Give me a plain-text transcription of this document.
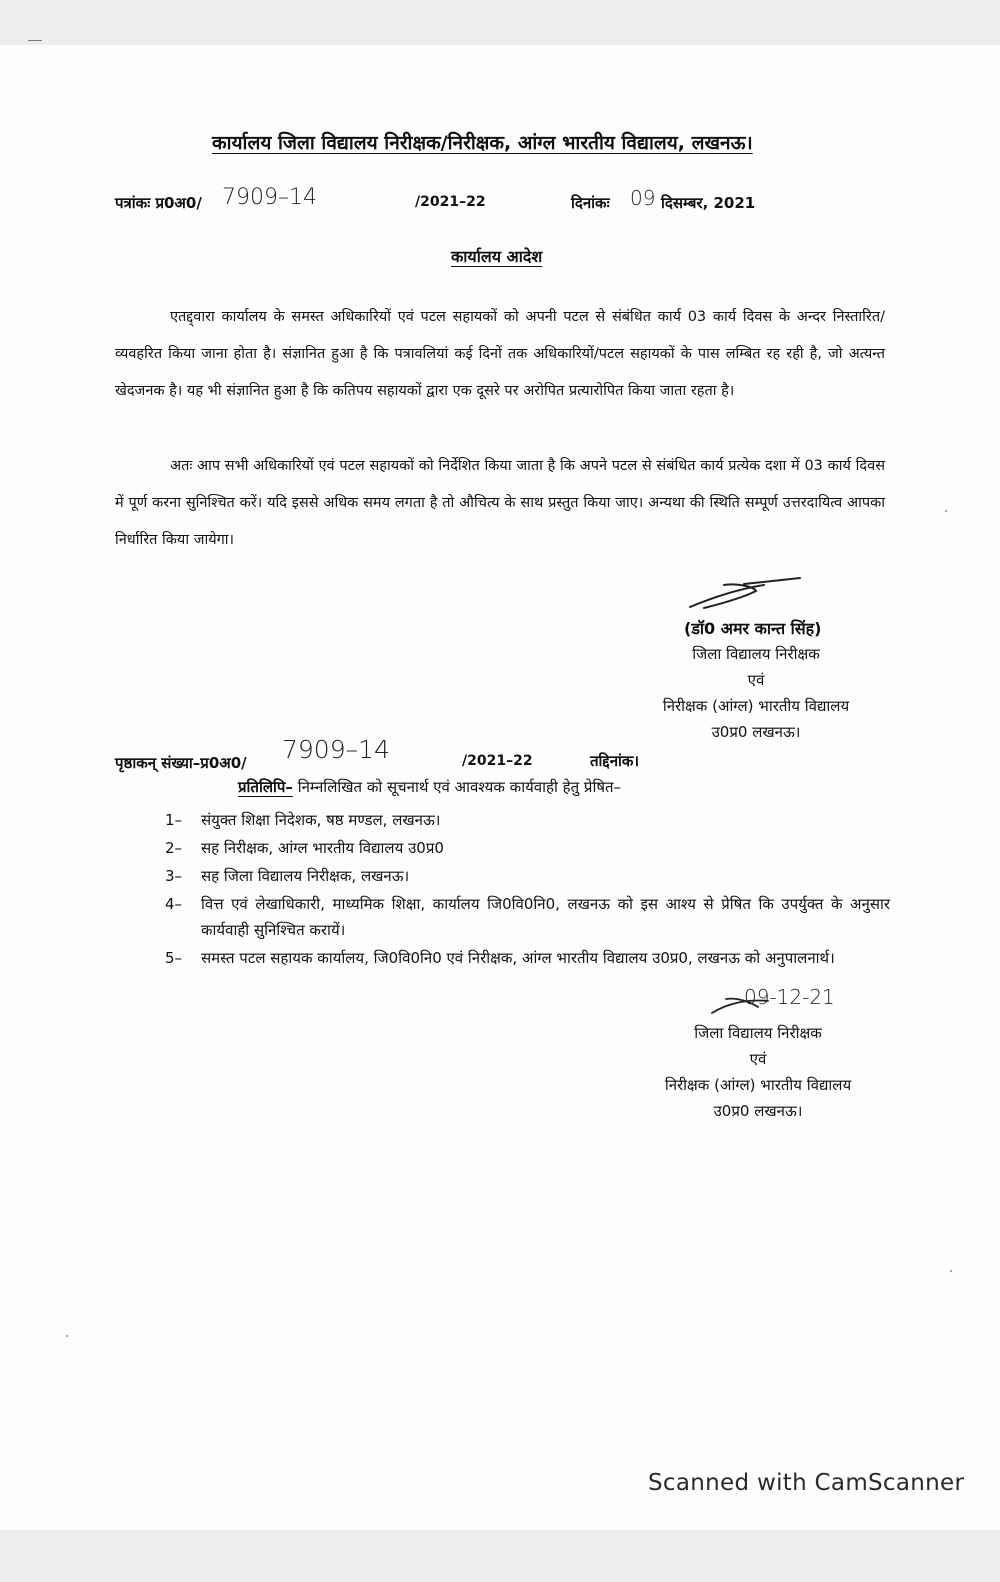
कार्यालय जिला विद्यालय निरीक्षक/निरीक्षक, आंग्ल भारतीय विद्यालय, लखनऊ।
पत्रांकः प्र0अ0/ 7909–14	/2021–22	दिनांकः 09 दिसम्बर, 2021
कार्यालय आदेश

एतद्द्वारा कार्यालय के समस्त अधिकारियों एवं पटल सहायकों को अपनी पटल से संबंधित कार्य 03 कार्य दिवस के अन्दर निस्तारित/व्यवहरित किया जाना होता है। संज्ञानित हुआ है कि पत्रावलियां कई दिनों तक अधिकारियों/पटल सहायकों के पास लम्बित रह रही है, जो अत्यन्त खेदजनक है। यह भी संज्ञानित हुआ है कि कतिपय सहायकों द्वारा एक दूसरे पर अरोपित प्रत्यारोपित किया जाता रहता है।

अतः आप सभी अधिकारियों एवं पटल सहायकों को निर्देशित किया जाता है कि अपने पटल से संबंधित कार्य प्रत्येक दशा में 03 कार्य दिवस में पूर्ण करना सुनिश्चित करें। यदि इससे अधिक समय लगता है तो औचित्य के साथ प्रस्तुत किया जाए। अन्यथा की स्थिति सम्पूर्ण उत्तरदायित्व आपका निर्धारित किया जायेगा।

(डॉ0 अमर कान्त सिंह)
जिला विद्यालय निरीक्षक
एवं
निरीक्षक (आंग्ल) भारतीय विद्यालय
उ0प्र0 लखनऊ।
पृष्ठाकन् संख्या–प्र0अ0/ 7909–14	/2021–22	तद्दिनांक।
प्रतिलिपि– निम्नलिखित को सूचनार्थ एवं आवश्यक कार्यवाही हेतु प्रेषित–
1– संयुक्त शिक्षा निदेशक, षष्ठ मण्डल, लखनऊ।
2– सह निरीक्षक, आंग्ल भारतीय विद्यालय उ0प्र0
3– सह जिला विद्यालय निरीक्षक, लखनऊ।
4– वित्त एवं लेखाधिकारी, माध्यमिक शिक्षा, कार्यालय जि0वि0नि0, लखनऊ को इस आश्य से प्रेषित कि उपर्युक्त के अनुसार कार्यवाही सुनिश्चित करायें।
5– समस्त पटल सहायक कार्यालय, जि0वि0नि0 एवं निरीक्षक, आंग्ल भारतीय विद्यालय उ0प्र0, लखनऊ को अनुपालनार्थ।
09-12-21
जिला विद्यालय निरीक्षक
एवं
निरीक्षक (आंग्ल) भारतीय विद्यालय
उ0प्र0 लखनऊ।
Scanned with CamScanner
